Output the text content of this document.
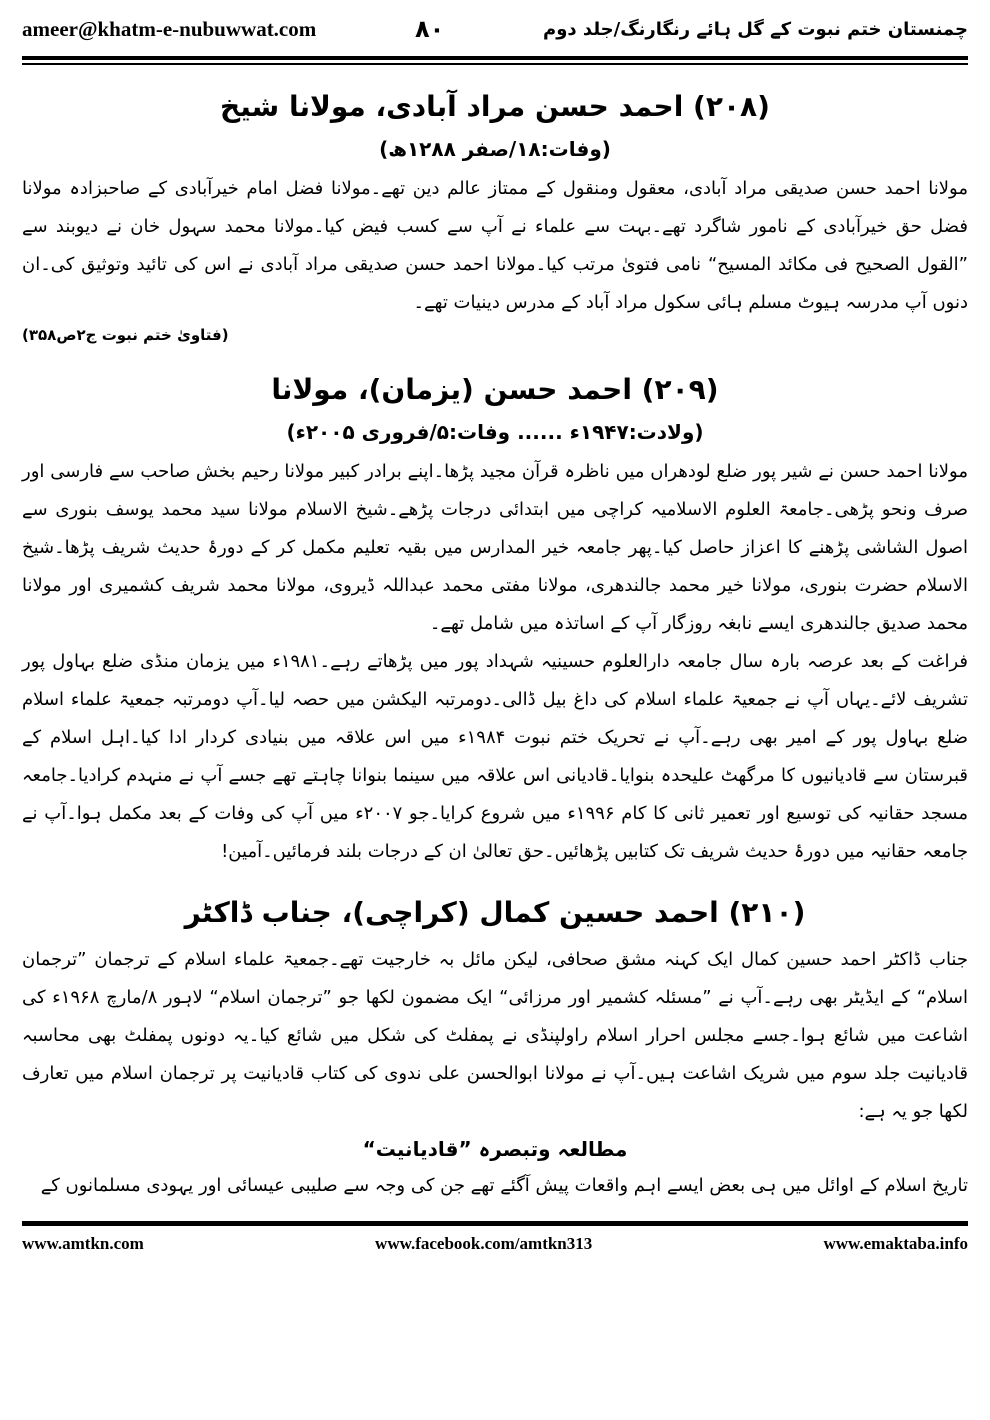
ameer@khatm-e-nubuwwat.com	۸۰	چمنستان ختم نبوت کے گل ہائے رنگارنگ/جلد دوم
(۲۰۸) احمد حسن مراد آبادی، مولانا شیخ
(وفات:۱۸/صفر ۱۲۸۸ھ)
مولانا احمد حسن صدیقی مراد آبادی، معقول ومنقول کے ممتاز عالم دین تھے۔مولانا فضل امام خیرآبادی کے صاحبزادہ مولانا فضل حق خیرآبادی کے نامور شاگرد تھے۔بہت سے علماء نے آپ سے کسب فیض کیا۔مولانا محمد سہول خان نے دیوبند سے ”القول الصحیح فی مکائد المسیح“ نامی فتویٰ مرتب کیا۔مولانا احمد حسن صدیقی مراد آبادی نے اس کی تائید وتوثیق کی۔ان دنوں آپ مدرسہ ہیوٹ مسلم ہائی سکول مراد آباد کے مدرس دینیات تھے۔
(فتاویٰ ختم نبوت ج۲ص۳۵۸)
(۲۰۹) احمد حسن (یزمان)، مولانا
(ولادت:۱۹۴۷ء ...... وفات:۵/فروری ۲۰۰۵ء)
مولانا احمد حسن نے شیر پور ضلع لودھراں میں ناظرہ قرآن مجید پڑھا۔اپنے برادر کبیر مولانا رحیم بخش صاحب سے فارسی اور صرف ونحو پڑھی۔جامعۃ العلوم الاسلامیہ کراچی میں ابتدائی درجات پڑھے۔شیخ الاسلام مولانا سید محمد یوسف بنوری سے اصول الشاشی پڑھنے کا اعزاز حاصل کیا۔پھر جامعہ خیر المدارس میں بقیہ تعلیم مکمل کر کے دورۂ حدیث شریف پڑھا۔شیخ الاسلام حضرت بنوری، مولانا خیر محمد جالندھری، مولانا مفتی محمد عبداللہ ڈیروی، مولانا محمد شریف کشمیری اور مولانا محمد صدیق جالندھری ایسے نابغہ روزگار آپ کے اساتذہ میں شامل تھے۔
فراغت کے بعد عرصہ بارہ سال جامعہ دارالعلوم حسینیہ شہداد پور میں پڑھاتے رہے۔۱۹۸۱ء میں یزمان منڈی ضلع بہاول پور تشریف لائے۔یہاں آپ نے جمعیۃ علماء اسلام کی داغ بیل ڈالی۔دومرتبہ الیکشن میں حصہ لیا۔آپ دومرتبہ جمعیۃ علماء اسلام ضلع بہاول پور کے امیر بھی رہے۔آپ نے تحریک ختم نبوت ۱۹۸۴ء میں اس علاقہ میں بنیادی کردار ادا کیا۔اہل اسلام کے قبرستان سے قادیانیوں کا مرگھٹ علیحدہ بنوایا۔قادیانی اس علاقہ میں سینما بنوانا چاہتے تھے جسے آپ نے منہدم کرادیا۔جامعہ مسجد حقانیہ کی توسیع اور تعمیر ثانی کا کام ۱۹۹۶ء میں شروع کرایا۔جو ۲۰۰۷ء میں آپ کی وفات کے بعد مکمل ہوا۔آپ نے جامعہ حقانیہ میں دورۂ حدیث شریف تک کتابیں پڑھائیں۔حق تعالیٰ ان کے درجات بلند فرمائیں۔آمین!
(۲۱۰) احمد حسین کمال (کراچی)، جناب ڈاکٹر
جناب ڈاکٹر احمد حسین کمال ایک کہنہ مشق صحافی، لیکن مائل بہ خارجیت تھے۔جمعیۃ علماء اسلام کے ترجمان ”ترجمان اسلام“ کے ایڈیٹر بھی رہے۔آپ نے ”مسئلہ کشمیر اور مرزائی“ ایک مضمون لکھا جو ”ترجمان اسلام“ لاہور ۸/مارچ ۱۹۶۸ء کی اشاعت میں شائع ہوا۔جسے مجلس احرار اسلام راولپنڈی نے پمفلٹ کی شکل میں شائع کیا۔یہ دونوں پمفلٹ بھی محاسبہ قادیانیت جلد سوم میں شریک اشاعت ہیں۔آپ نے مولانا ابوالحسن علی ندوی کی کتاب قادیانیت پر ترجمان اسلام میں تعارف لکھا جو یہ ہے:
مطالعہ وتبصرہ ”قادیانیت“
تاریخ اسلام کے اوائل میں ہی بعض ایسے اہم واقعات پیش آگئے تھے جن کی وجہ سے صلیبی عیسائی اور یہودی مسلمانوں کے
www.amtkn.com	www.facebook.com/amtkn313	www.emaktaba.info
